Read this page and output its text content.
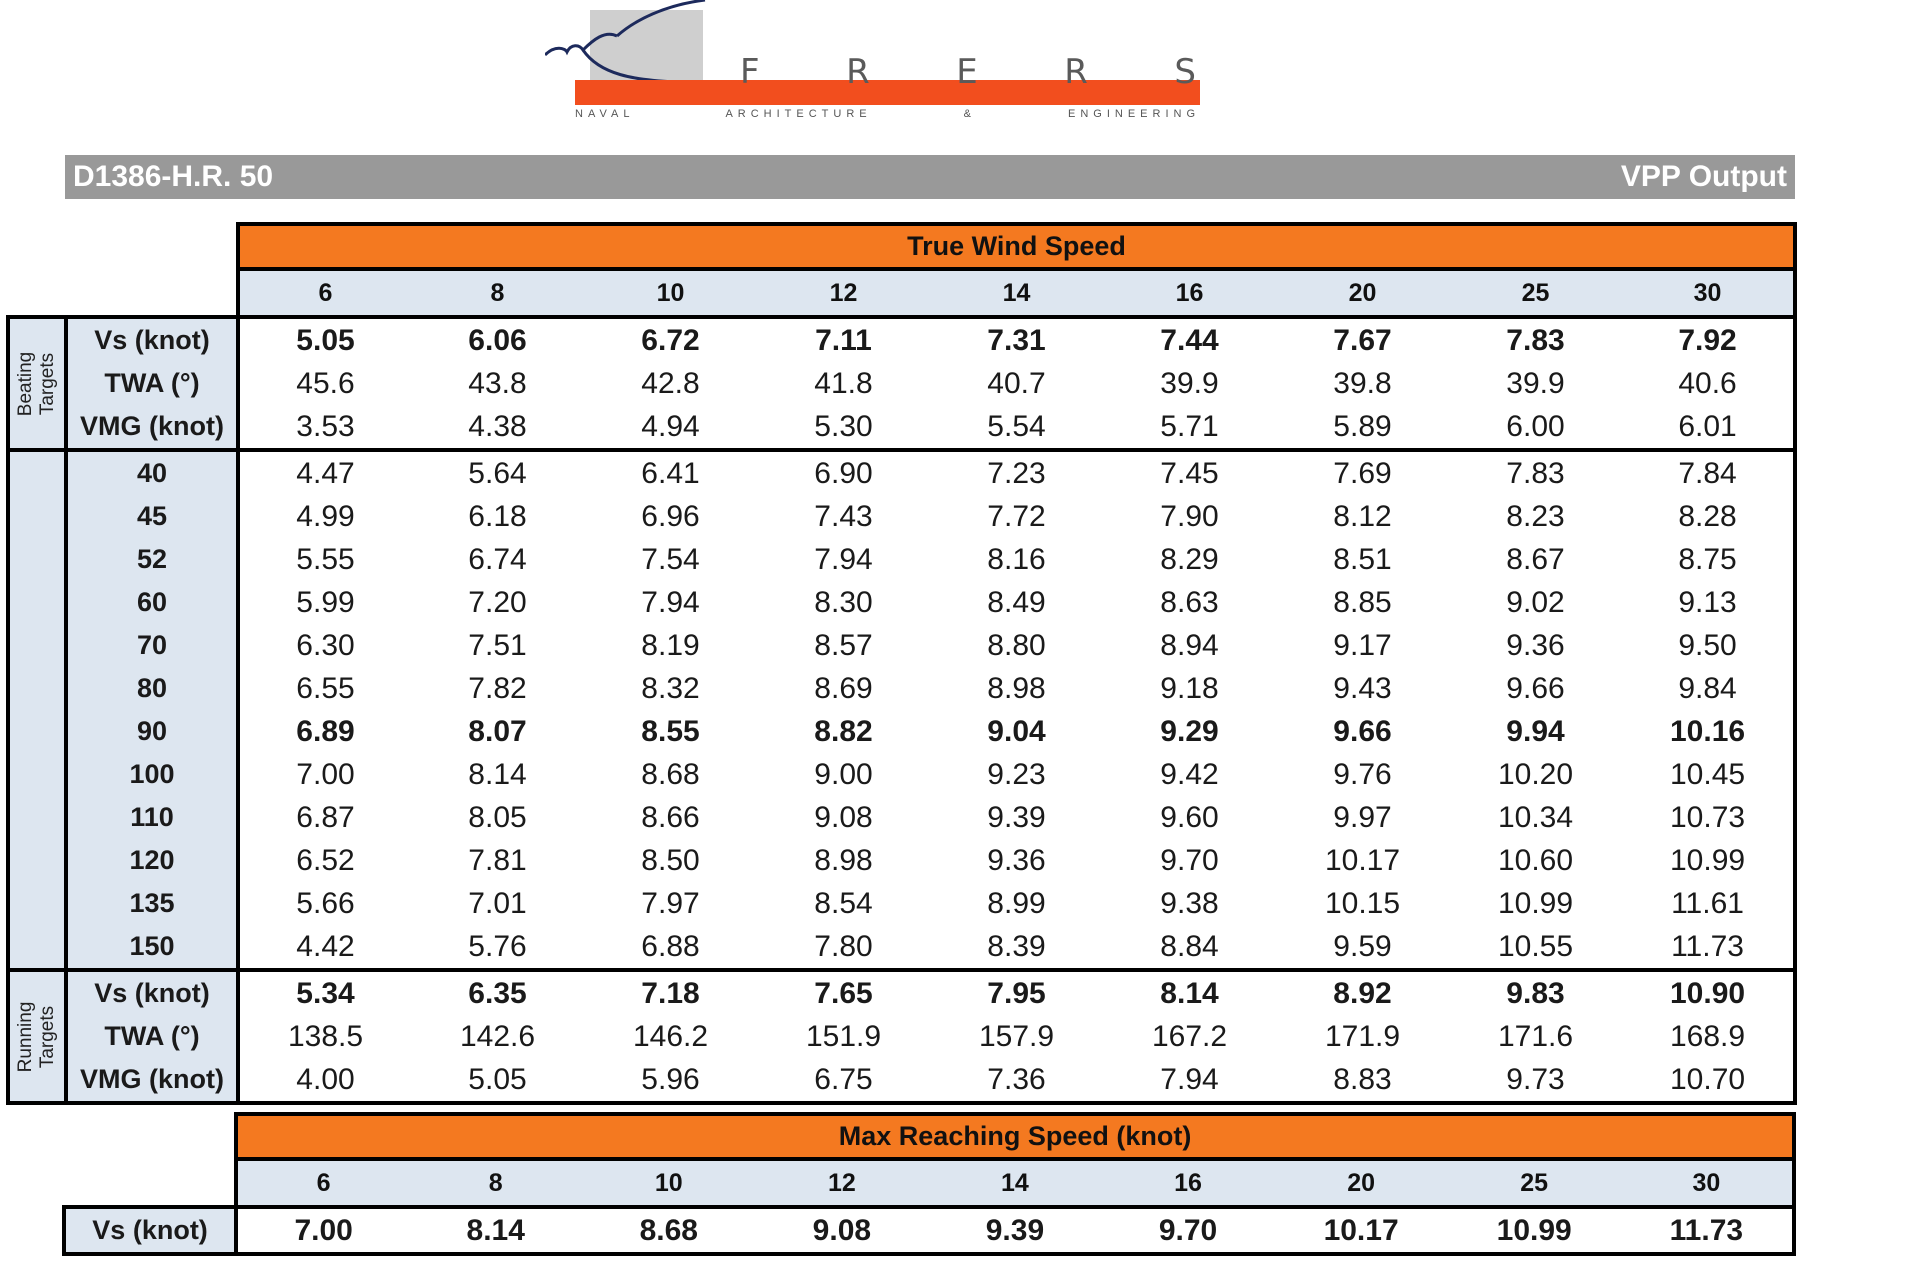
F R E R S
NAVAL ARCHITECTURE & ENGINEERING
D1386-H.R. 50	VPP Output
		True Wind Speed								
		6	8	10	12	14	16	20	25	30

Beating Targets	Vs (knot)	5.05	6.06	6.72	7.11	7.31	7.44	7.67	7.83	7.92
	TWA (°)	45.6	43.8	42.8	41.8	40.7	39.9	39.8	39.9	40.6
	VMG (knot)	3.53	4.38	4.94	5.30	5.54	5.71	5.89	6.00	6.01
	40	4.47	5.64	6.41	6.90	7.23	7.45	7.69	7.83	7.84
	45	4.99	6.18	6.96	7.43	7.72	7.90	8.12	8.23	8.28
	52	5.55	6.74	7.54	7.94	8.16	8.29	8.51	8.67	8.75
	60	5.99	7.20	7.94	8.30	8.49	8.63	8.85	9.02	9.13
	70	6.30	7.51	8.19	8.57	8.80	8.94	9.17	9.36	9.50
	80	6.55	7.82	8.32	8.69	8.98	9.18	9.43	9.66	9.84
	90	6.89	8.07	8.55	8.82	9.04	9.29	9.66	9.94	10.16
	100	7.00	8.14	8.68	9.00	9.23	9.42	9.76	10.20	10.45
	110	6.87	8.05	8.66	9.08	9.39	9.60	9.97	10.34	10.73
	120	6.52	7.81	8.50	8.98	9.36	9.70	10.17	10.60	10.99
	135	5.66	7.01	7.97	8.54	8.99	9.38	10.15	10.99	11.61
	150	4.42	5.76	6.88	7.80	8.39	8.84	9.59	10.55	11.73

Running Targets	Vs (knot)	5.34	6.35	7.18	7.65	7.95	8.14	8.92	9.83	10.90
	TWA (°)	138.5	142.6	146.2	151.9	157.9	167.2	171.9	171.6	168.9
	VMG (knot)	4.00	5.05	5.96	6.75	7.36	7.94	8.83	9.73	10.70
		Max Reaching Speed (knot)								
		6	8	10	12	14	16	20	25	30
	Vs (knot)	7.00	8.14	8.68	9.08	9.39	9.70	10.17	10.99	11.73
